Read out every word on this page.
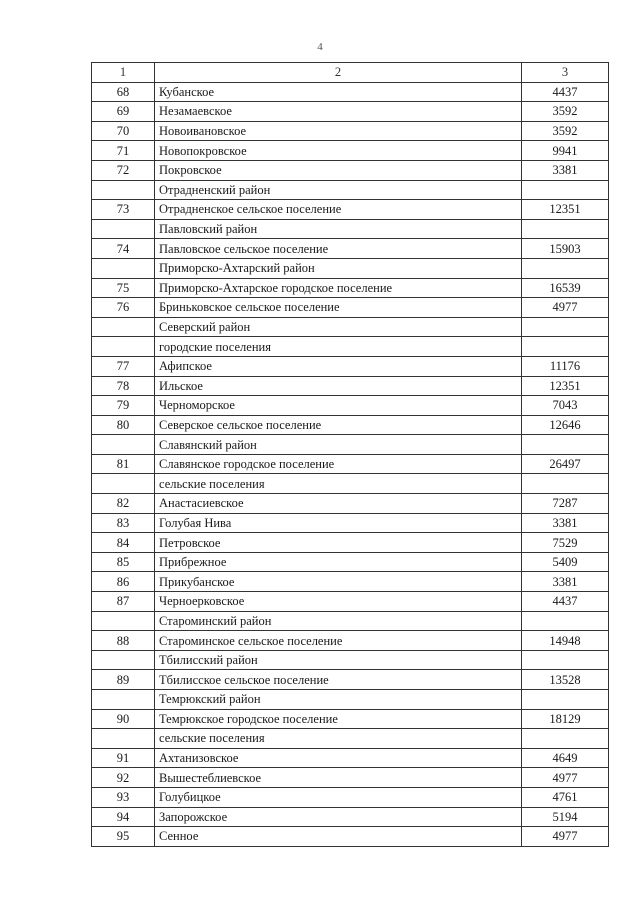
4
1	2	3
68	Кубанское	4437
69	Незамаевское	3592
70	Новоивановское	3592
71	Новопокровское	9941
72	Покровское	3381
	Отрадненский район	
73	Отрадненское сельское поселение	12351
	Павловский район	
74	Павловское сельское поселение	15903
	Приморско-Ахтарский район	
75	Приморско-Ахтарское городское поселение	16539
76	Бриньковское сельское поселение	4977
	Северский район	
	городские поселения	
77	Афипское	11176
78	Ильское	12351
79	Черноморское	7043
80	Северское сельское поселение	12646
	Славянский район	
81	Славянское городское поселение	26497
	сельские поселения	
82	Анастасиевское	7287
83	Голубая Нива	3381
84	Петровское	7529
85	Прибрежное	5409
86	Прикубанское	3381
87	Черноерковское	4437
	Староминский район	
88	Староминское сельское поселение	14948
	Тбилисский район	
89	Тбилисское сельское поселение	13528
	Темрюкский район	
90	Темрюкское городское поселение	18129
	сельские поселения	
91	Ахтанизовское	4649
92	Вышестеблиевское	4977
93	Голубицкое	4761
94	Запорожское	5194
95	Сенное	4977
